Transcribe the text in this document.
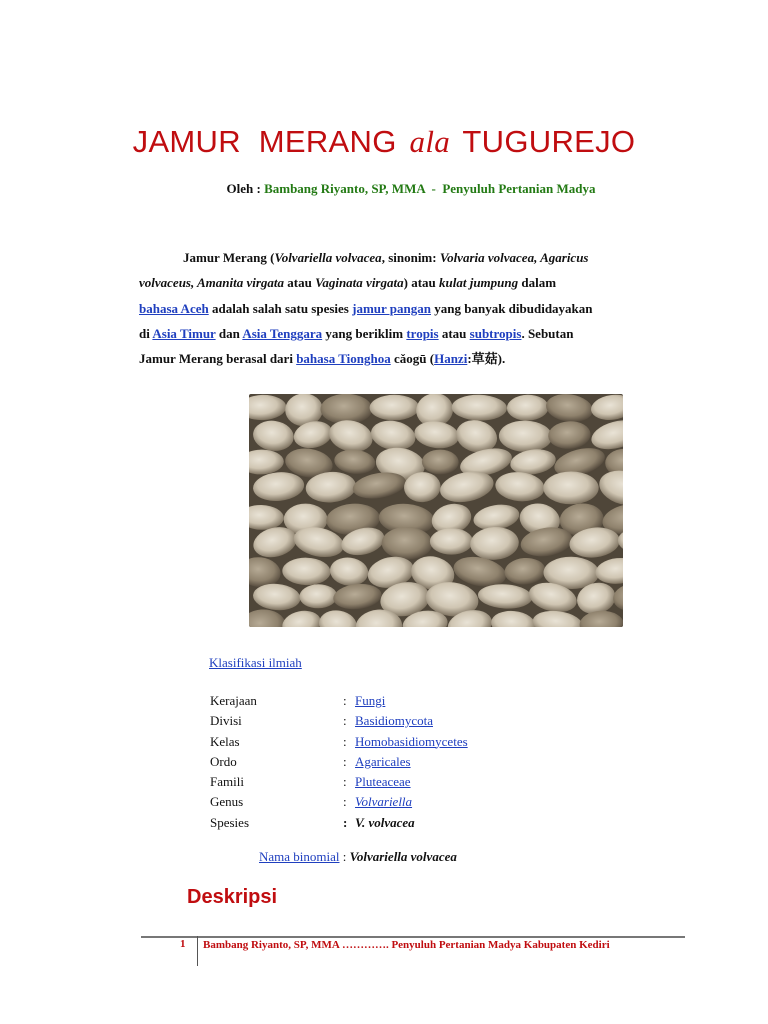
JAMUR  MERANG ala TUGUREJO
Oleh : Bambang Riyanto, SP, MMA  -  Penyuluh Pertanian Madya
Jamur Merang (Volvariella volvacea, sinonim: Volvaria volvacea, Agaricus
volvaceus, Amanita virgata atau Vaginata virgata) atau kulat jumpung dalam
bahasa Aceh adalah salah satu spesies jamur pangan yang banyak dibudidayakan
di Asia Timur dan Asia Tenggara yang beriklim tropis atau subtropis. Sebutan
Jamur Merang berasal dari bahasa Tionghoa cǎogū (Hanzi:草菇).
Klasifikasi ilmiah
Kerajaan	: Fungi
Divisi	: Basidiomycota
Kelas	: Homobasidiomycetes
Ordo	: Agaricales
Famili	: Pluteaceae
Genus	: Volvariella
Spesies	: V. volvacea
Nama binomial : Volvariella volvacea
Deskripsi
1 Bambang Riyanto, SP, MMA …………. Penyuluh Pertanian Madya Kabupaten Kediri
